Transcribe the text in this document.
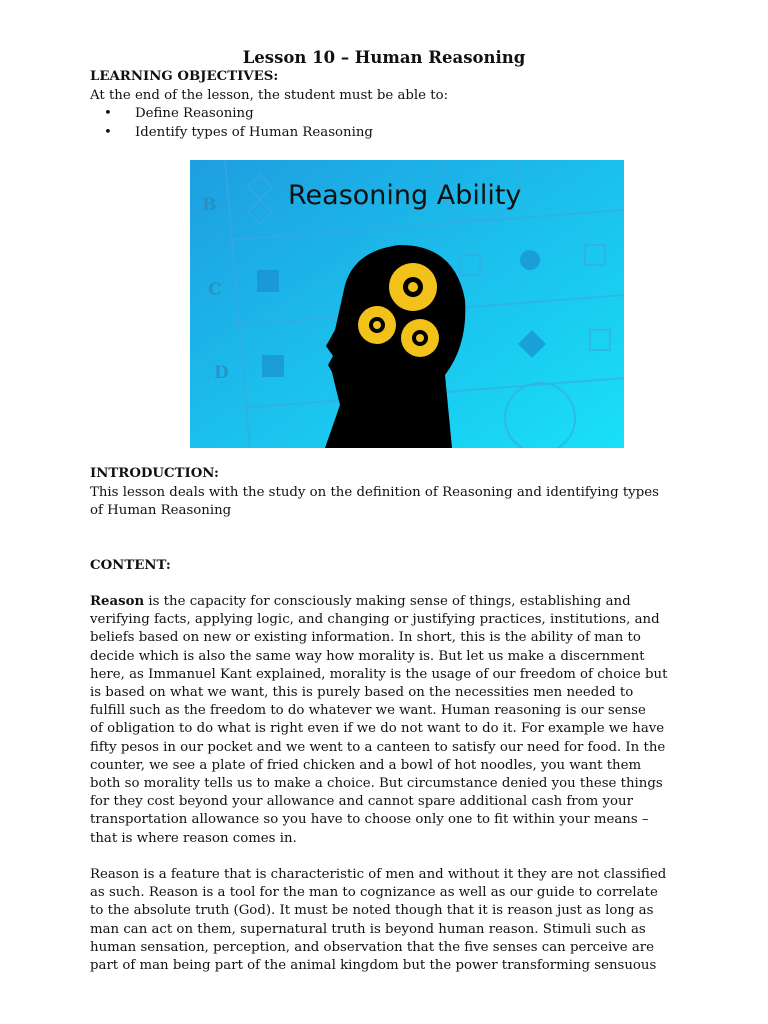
Lesson 10 – Human Reasoning
LEARNING OBJECTIVES:
At the end of the lesson, the student must be able to:
• Define Reasoning
• Identify types of Human Reasoning
B
C
D
Reasoning Ability
INTRODUCTION:
This lesson deals with the study on the definition of Reasoning and identifying types
of Human Reasoning
CONTENT:
Reason is the capacity for consciously making sense of things, establishing and
verifying facts, applying logic, and changing or justifying practices, institutions, and
beliefs based on new or existing information. In short, this is the ability of man to
decide which is also the same way how morality is. But let us make a discernment
here, as Immanuel Kant explained, morality is the usage of our freedom of choice but
is based on what we want, this is purely based on the necessities men needed to
fulfill such as the freedom to do whatever we want. Human reasoning is our sense
of obligation to do what is right even if we do not want to do it. For example we have
fifty pesos in our pocket and we went to a canteen to satisfy our need for food. In the
counter, we see a plate of fried chicken and a bowl of hot noodles, you want them
both so morality tells us to make a choice. But circumstance denied you these things
for they cost beyond your allowance and cannot spare additional cash from your
transportation allowance so you have to choose only one to fit within your means –
that is where reason comes in.
Reason is a feature that is characteristic of men and without it they are not classified
as such. Reason is a tool for the man to cognizance as well as our guide to correlate
to the absolute truth (God). It must be noted though that it is reason just as long as
man can act on them, supernatural truth is beyond human reason. Stimuli such as
human sensation, perception, and observation that the five senses can perceive are
part of man being part of the animal kingdom but the power transforming sensuous
